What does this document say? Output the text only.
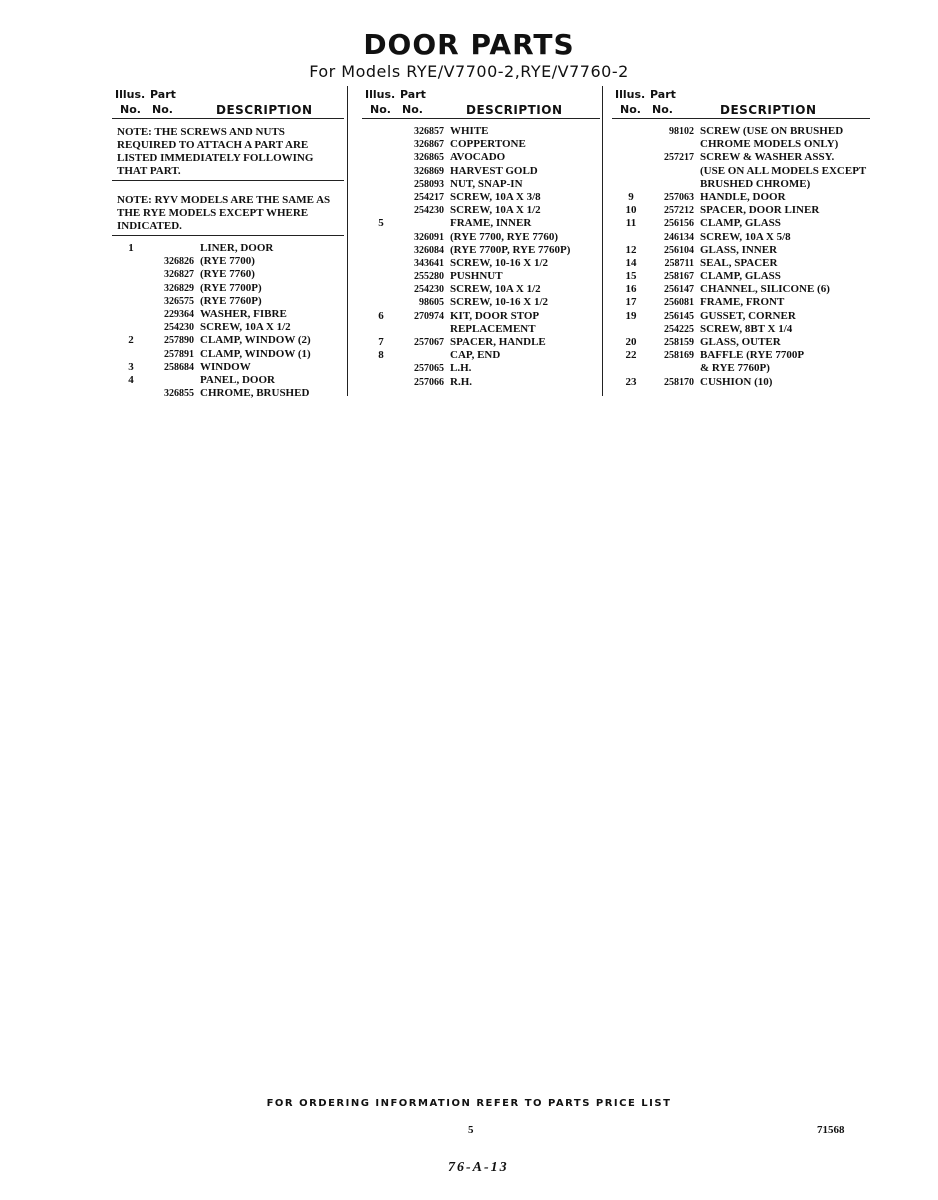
DOOR PARTS
For Models RYE/V7700-2,RYE/V7760-2
Illus. Part
No. No.	DESCRIPTION
NOTE: THE SCREWS AND NUTS REQUIRED TO ATTACH A PART ARE LISTED IMMEDIATELY FOLLOWING THAT PART.
NOTE: RYV MODELS ARE THE SAME AS THE RYE MODELS EXCEPT WHERE INDICATED.
1	LINER, DOOR
326826 (RYE 7700)
326827 (RYE 7760)
326829 (RYE 7700P)
326575 (RYE 7760P)
229364 WASHER, FIBRE
254230 SCREW, 10A X 1/2
2	257890 CLAMP, WINDOW (2)
257891 CLAMP, WINDOW (1)
3	258684 WINDOW
4	PANEL, DOOR
326855 CHROME, BRUSHED
Illus. Part
No. No.	DESCRIPTION
326857 WHITE
326867 COPPERTONE
326865 AVOCADO
326869 HARVEST GOLD
258093 NUT, SNAP-IN
254217 SCREW, 10A X 3/8
254230 SCREW, 10A X 1/2
5	FRAME, INNER
326091 (RYE 7700, RYE 7760)
326084 (RYE 7700P, RYE 7760P)
343641 SCREW, 10-16 X 1/2
255280 PUSHNUT
254230 SCREW, 10A X 1/2
98605 SCREW, 10-16 X 1/2
6	270974 KIT, DOOR STOP
REPLACEMENT
7	257067 SPACER, HANDLE
8	CAP, END
257065 L.H.
257066 R.H.
Illus. Part
No. No.	DESCRIPTION
98102 SCREW (USE ON BRUSHED
CHROME MODELS ONLY)
257217 SCREW & WASHER ASSY.
(USE ON ALL MODELS EXCEPT
BRUSHED CHROME)
9	257063 HANDLE, DOOR
10	257212 SPACER, DOOR LINER
11	256156 CLAMP, GLASS
246134 SCREW, 10A X 5/8
12	256104 GLASS, INNER
14	258711 SEAL, SPACER
15	258167 CLAMP, GLASS
16	256147 CHANNEL, SILICONE (6)
17	256081 FRAME, FRONT
19	256145 GUSSET, CORNER
254225 SCREW, 8BT X 1/4
20	258159 GLASS, OUTER
22	258169 BAFFLE (RYE 7700P
& RYE 7760P)
23	258170 CUSHION (10)
FOR ORDERING INFORMATION REFER TO PARTS PRICE LIST
5	71568
76-A-13
